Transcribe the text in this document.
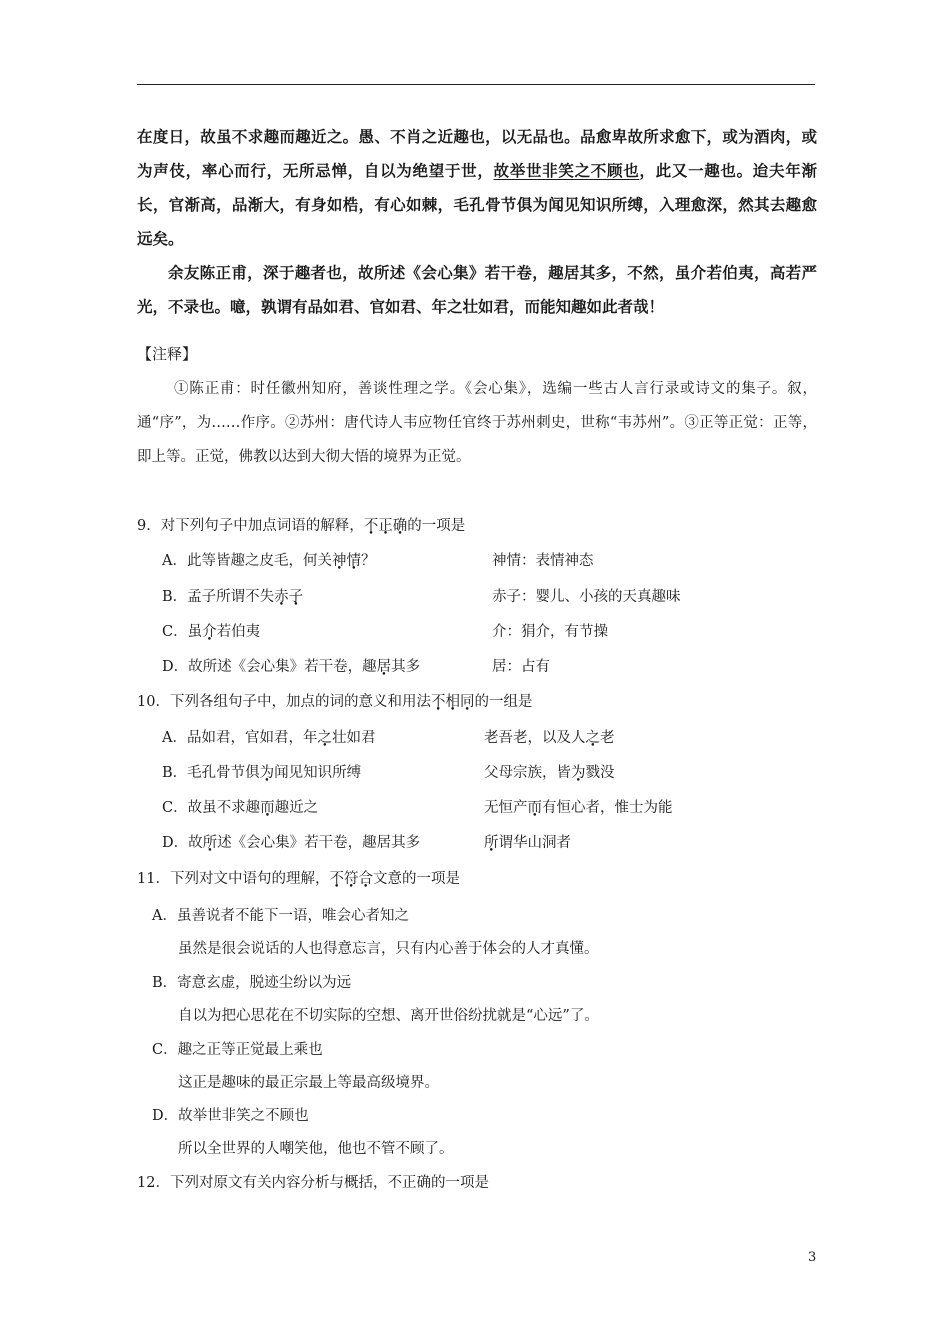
在度日，故虽不求趣而趣近之。愚、不肖之近趣也，以无品也。品愈卑故所求愈下，或为酒肉，或为声伎，率心而行，无所忌惮，自以为绝望于世，故举世非笑之不顾也，此又一趣也。迨夫年渐长，官渐高，品渐大，有身如梏，有心如棘，毛孔骨节俱为闻见知识所缚，入理愈深，然其去趣愈远矣。

余友陈正甫，深于趣者也，故所述《会心集》若干卷，趣居其多，不然，虽介若伯夷，高若严光，不录也。噫，孰谓有品如君、官如君、年之壮如君，而能知趣如此者哉！

【注释】

①陈正甫：时任徽州知府，善谈性理之学。《会心集》，选编一些古人言行录或诗文的集子。叙，通“序”，为……作序。②苏州：唐代诗人韦应物任官终于苏州刺史，世称“韦苏州”。③正等正觉：正等，即上等。正觉，佛教以达到大彻大悟的境界为正觉。

9．对下列句子中加点词语的解释，不正确的一项是
A．此等皆趣之皮毛，何关神情？	神情：表情神态
B．孟子所谓不失赤子	赤子：婴儿、小孩的天真趣味
C．虽介若伯夷	介：狷介，有节操
D．故所述《会心集》若干卷，趣居其多	居：占有
10．下列各组句子中，加点的词的意义和用法不相同的一组是
A．品如君，官如君，年之壮如君	老吾老，以及人之老
B．毛孔骨节俱为闻见知识所缚	父母宗族，皆为戮没
C．故虽不求趣而趣近之	无恒产而有恒心者，惟士为能
D．故所述《会心集》若干卷，趣居其多	所谓华山洞者
11．下列对文中语句的理解，不符合文意的一项是
A．虽善说者不能下一语，唯会心者知之
虽然是很会说话的人也得意忘言，只有内心善于体会的人才真懂。
B．寄意玄虚，脱迹尘纷以为远
自以为把心思花在不切实际的空想、离开世俗纷扰就是“心远”了。
C．趣之正等正觉最上乘也
这正是趣味的最正宗最上等最高级境界。
D．故举世非笑之不顾也
所以全世界的人嘲笑他，他也不管不顾了。
12．下列对原文有关内容分析与概括，不正确的一项是
3
